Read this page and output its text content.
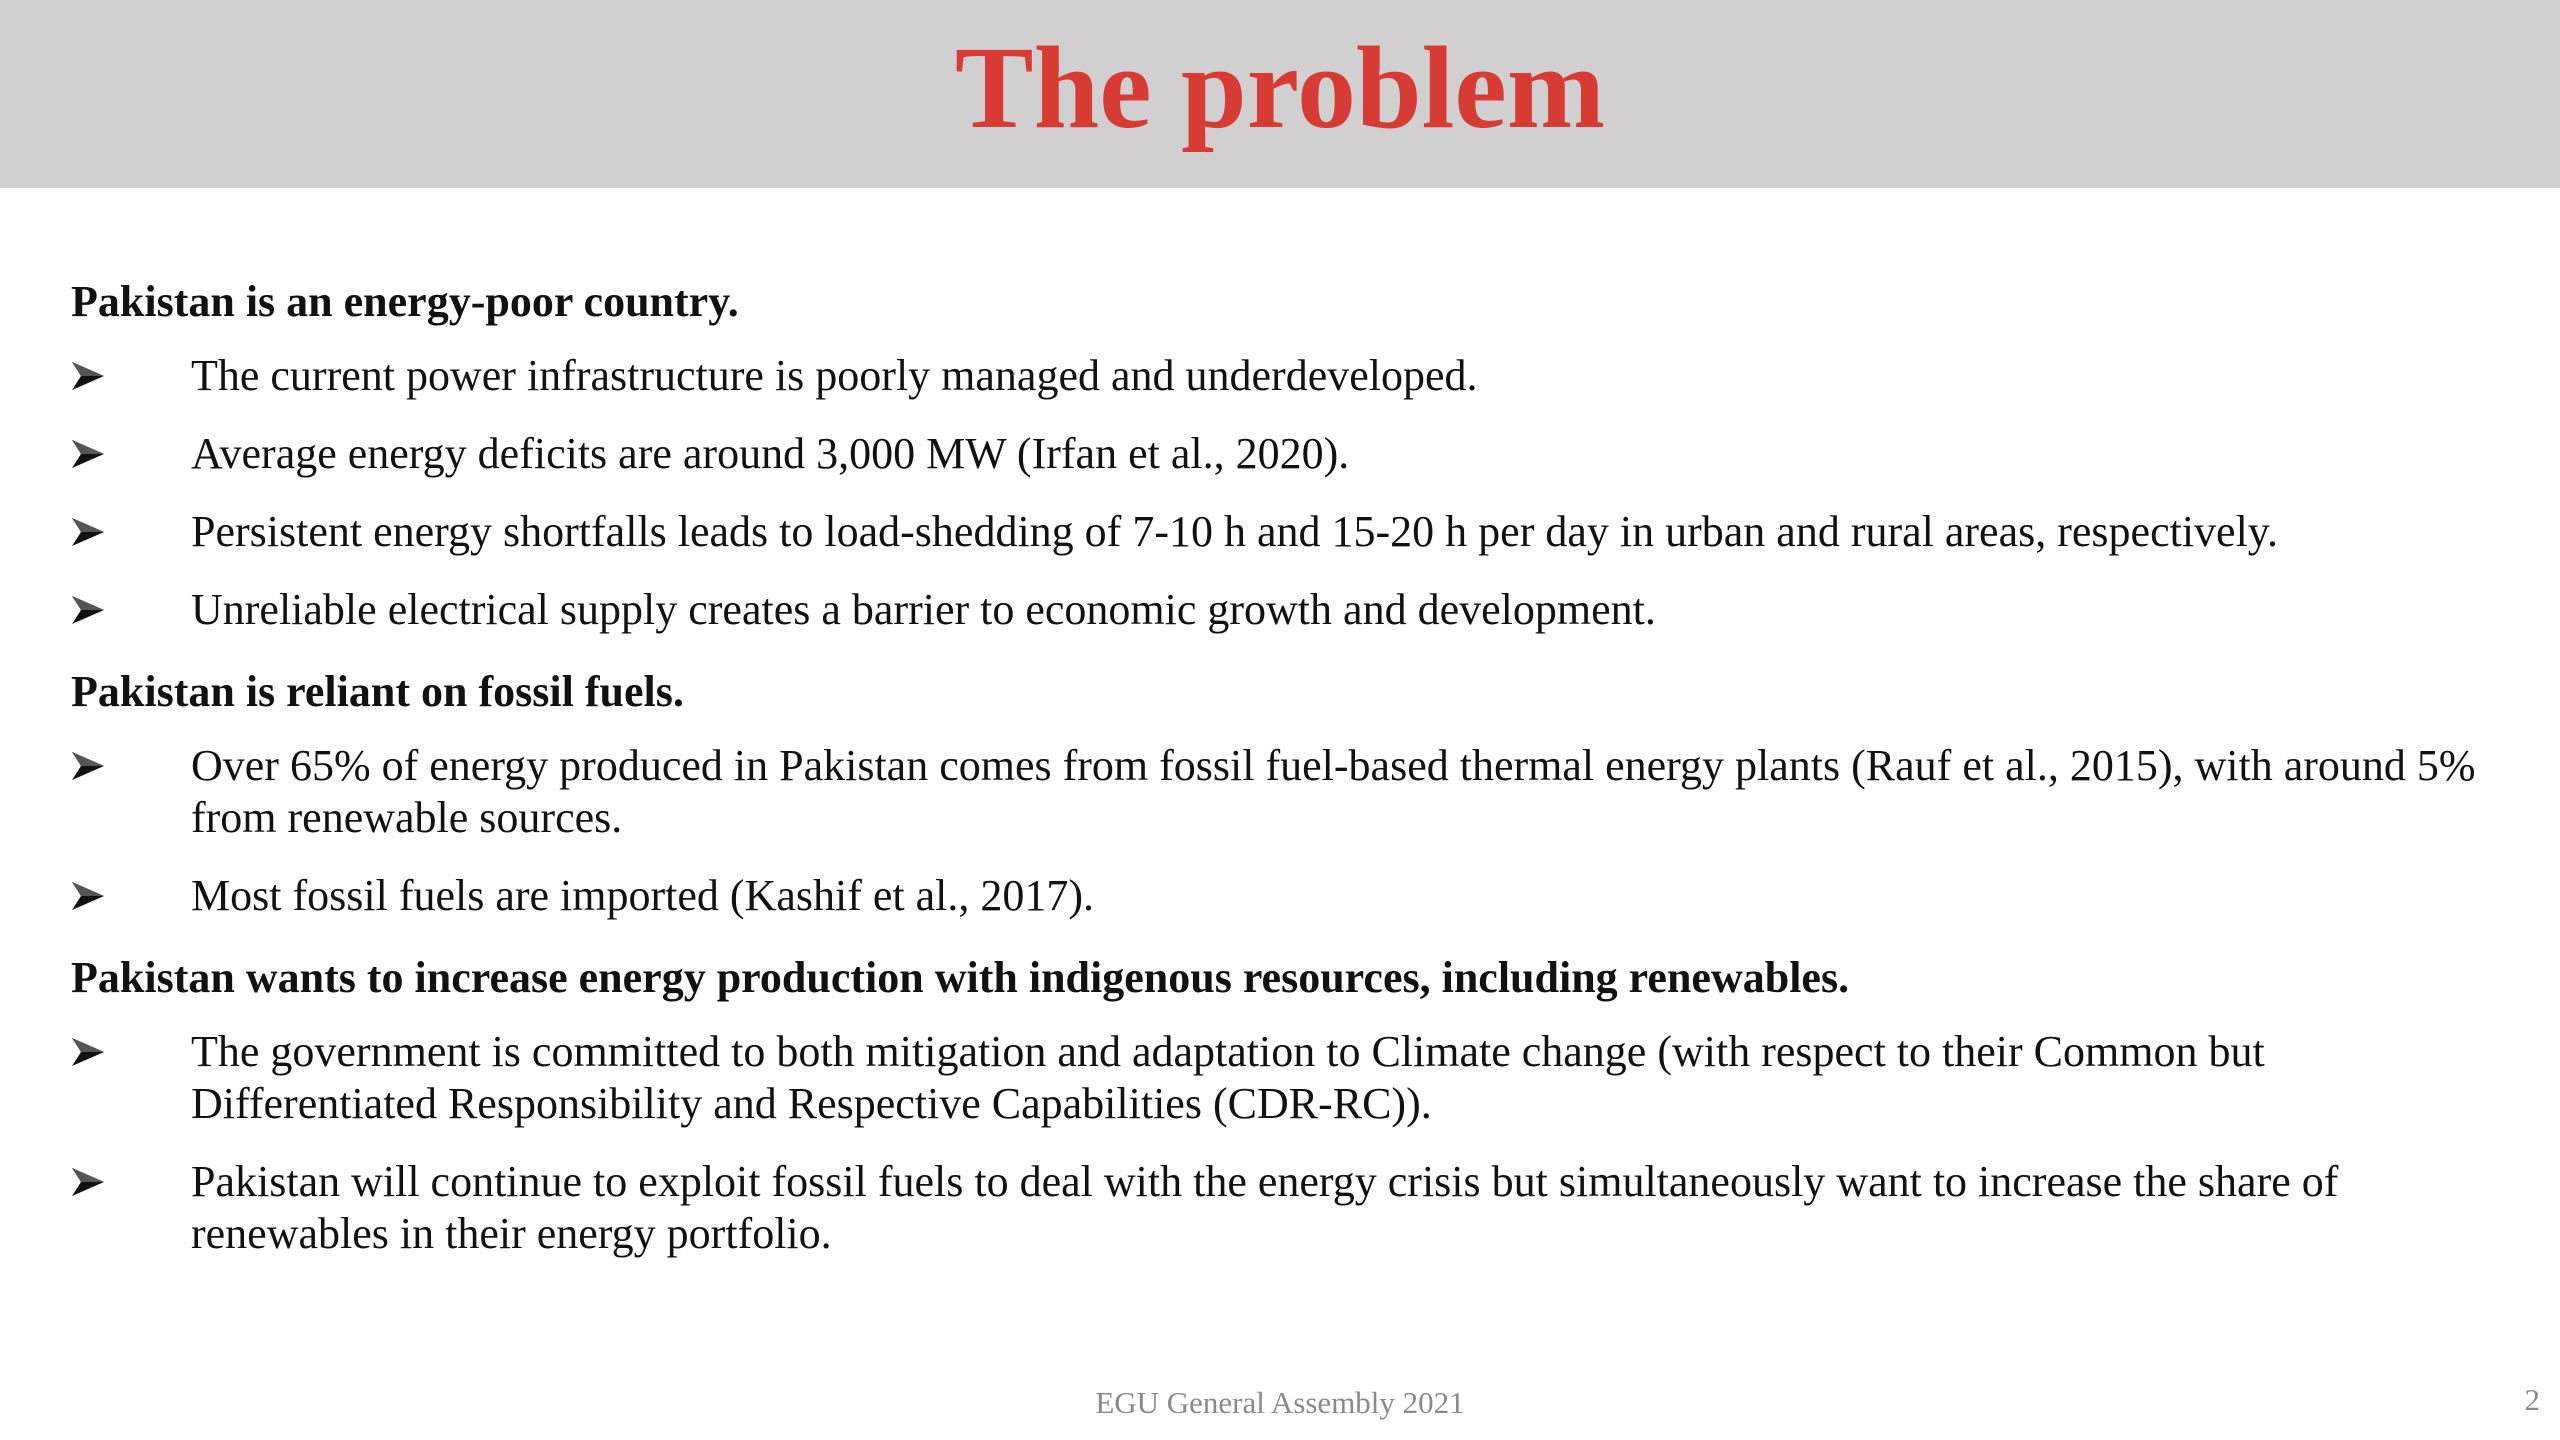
The problem

Pakistan is an energy-poor country.

The current power infrastructure is poorly managed and underdeveloped.
Average energy deficits are around 3,000 MW (Irfan et al., 2020).
Persistent energy shortfalls leads to load-shedding of 7-10 h and 15-20 h per day in urban and rural areas, respectively.
Unreliable electrical supply creates a barrier to economic growth and development.

Pakistan is reliant on fossil fuels.

Over 65% of energy produced in Pakistan comes from fossil fuel-based thermal energy plants (Rauf et al., 2015), with around 5% from renewable sources.
Most fossil fuels are imported (Kashif et al., 2017).

Pakistan wants to increase energy production with indigenous resources, including renewables.

The government is committed to both mitigation and adaptation to Climate change (with respect to their Common but Differentiated Responsibility and Respective Capabilities (CDR-RC)).
Pakistan will continue to exploit fossil fuels to deal with the energy crisis but simultaneously want to increase the share of renewables in their energy portfolio.
EGU General Assembly 2021	2
